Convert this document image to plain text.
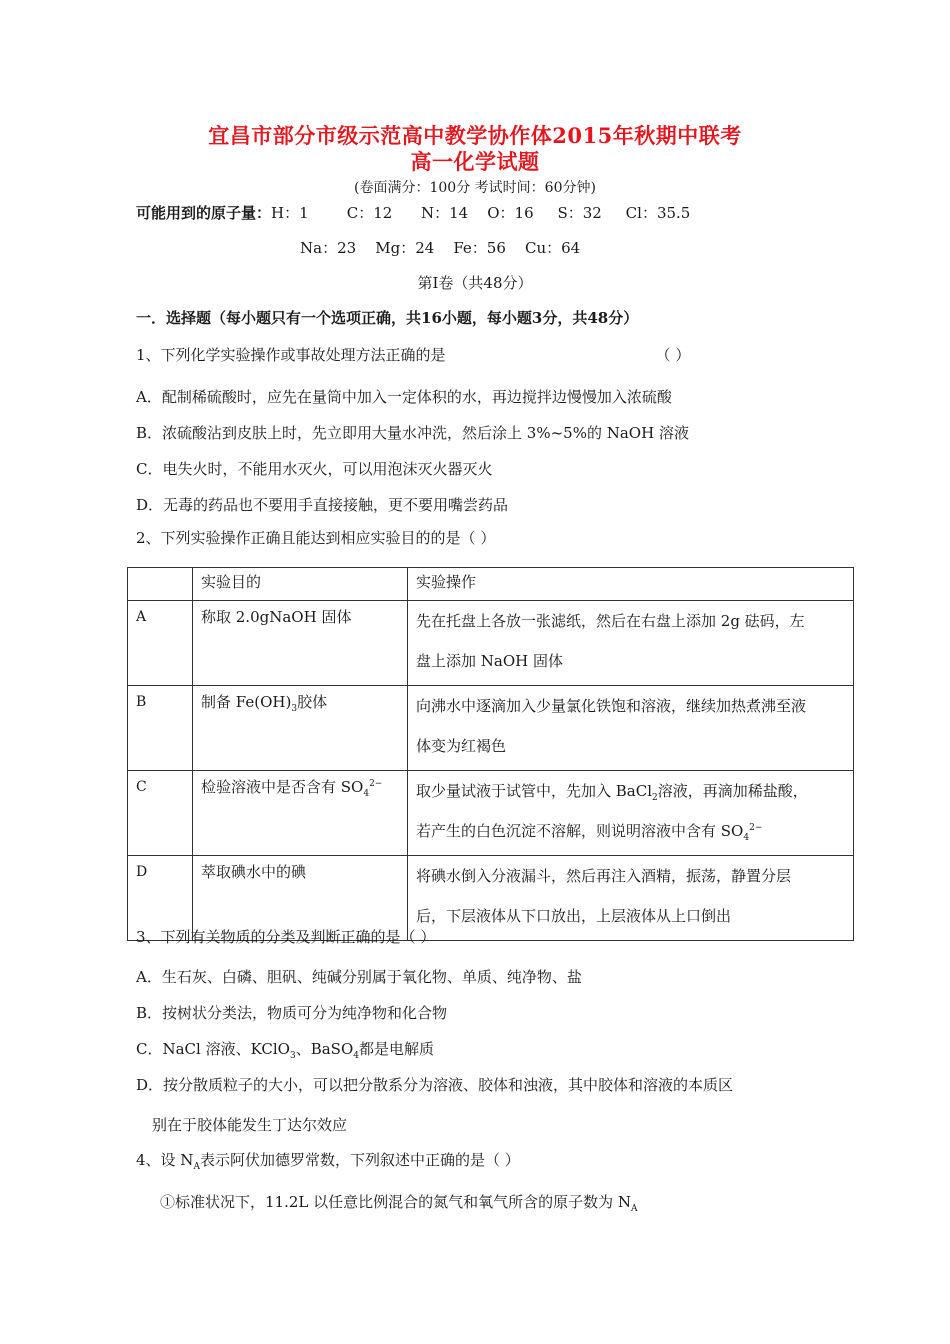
宜昌市部分市级示范高中教学协作体2015年秋期中联考
高一化学试题
(卷面满分：100分 考试时间：60分钟)
可能用到的原子量：H：1        C：12      N：14    O：16     S：32     Cl：35.5
Na：23    Mg：24    Fe：56    Cu：64
第Ⅰ卷（共48分）
一．选择题（每小题只有一个选项正确，共16小题，每小题3分，共48分）
1、下列化学实验操作或事故处理方法正确的是	（ ）
A．配制稀硫酸时，应先在量筒中加入一定体积的水，再边搅拌边慢慢加入浓硫酸
B．浓硫酸沾到皮肤上时，先立即用大量水冲洗，然后涂上 3%~5%的 NaOH 溶液
C．电失火时，不能用水灭火，可以用泡沫灭火器灭火
D．无毒的药品也不要用手直接接触，更不要用嘴尝药品
2、下列实验操作正确且能达到相应实验目的的是（ ）
	实验目的	实验操作
A	称取 2.0gNaOH 固体	先在托盘上各放一张滤纸，然后在右盘上添加 2g 砝码，左
盘上添加 NaOH 固体

B	制备 $Fe(OH)_3$胶体	向沸水中逐滴加入少量氯化铁饱和溶液，继续加热煮沸至液
体变为红褐色

C	检验溶液中是否含有 $SO_4^{2-}$	取少量试液于试管中，先加入 BaCl$_2$溶液，再滴加稀盐酸，
若产生的白色沉淀不溶解，则说明溶液中含有 $SO_4^{2-}$

D	萃取碘水中的碘	将碘水倒入分液漏斗，然后再注入酒精，振荡，静置分层
后，下层液体从下口放出，上层液体从上口倒出
3、下列有关物质的分类及判断正确的是（ ）
A．生石灰、白磷、胆矾、纯碱分别属于氧化物、单质、纯净物、盐
B．按树状分类法，物质可分为纯净物和化合物
C．NaCl 溶液、KClO$_3$、BaSO$_4$都是电解质
D．按分散质粒子的大小，可以把分散系分为溶液、胶体和浊液，其中胶体和溶液的本质区
别在于胶体能发生丁达尔效应
4、设 $N_A$表示阿伏加德罗常数，下列叙述中正确的是（ ）
①标准状况下，11.2L 以任意比例混合的氮气和氧气所含的原子数为 $N_A$
